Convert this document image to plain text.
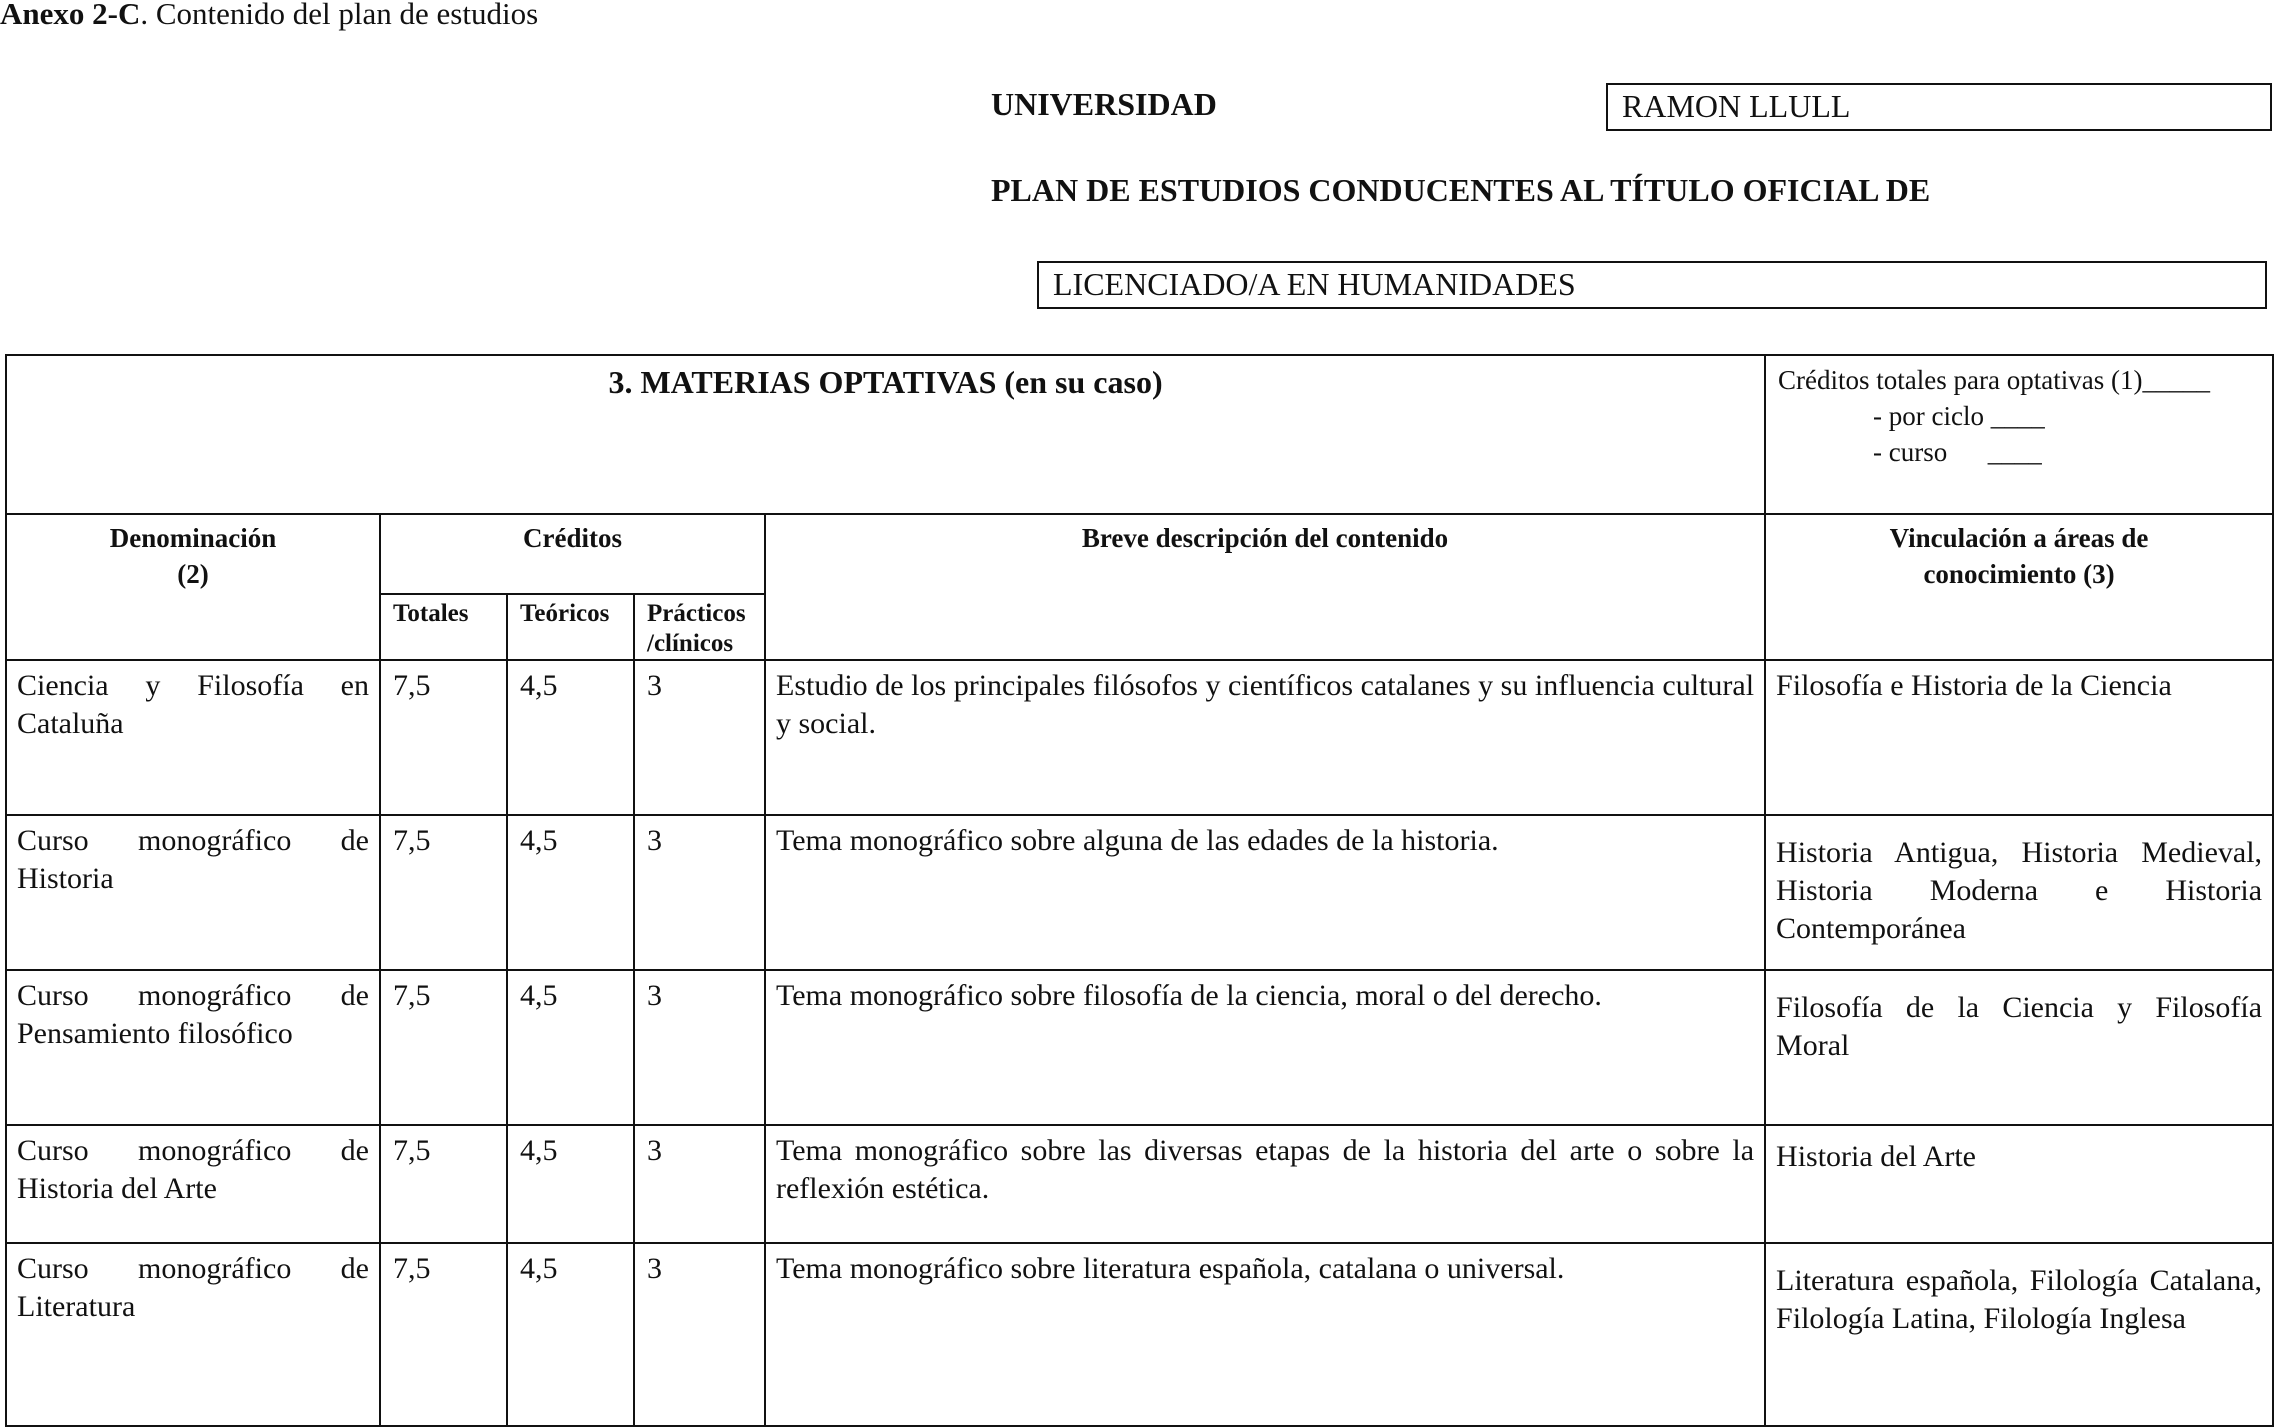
Anexo 2-C. Contenido del plan de estudios
UNIVERSIDAD	RAMON LLULL
PLAN DE ESTUDIOS CONDUCENTES AL TÍTULO OFICIAL DE
LICENCIADO/A EN HUMANIDADES
3. MATERIAS OPTATIVAS (en su caso)					Créditos totales para optativas (1)_____
- por ciclo ____
- curso      ____

Denominación
(2)	Créditos			Breve descripción del contenido	Vinculación a áreas de
conocimiento (3)
	Totales	Teóricos	Prácticos
/clínicos		
Ciencia y Filosofía en Cataluña	7,5	4,5	3	Estudio de los principales filósofos y científicos catalanes y su influencia cultural y social.	Filosofía e Historia de la Ciencia
Curso monográfico de Historia	7,5	4,5	3	Tema monográfico sobre alguna de las edades de la historia.	Historia Antigua, Historia Medieval, Historia Moderna e Historia Contemporánea
Curso monográfico de Pensamiento filosófico	7,5	4,5	3	Tema monográfico sobre filosofía de la ciencia, moral o del derecho.	Filosofía de la Ciencia y Filosofía Moral
Curso monográfico de Historia del Arte	7,5	4,5	3	Tema monográfico sobre las diversas etapas de la historia del arte o sobre la reflexión estética.	Historia del Arte
Curso monográfico de Literatura	7,5	4,5	3	Tema monográfico sobre literatura española, catalana o universal.	Literatura española, Filología Catalana, Filología Latina, Filología Inglesa
